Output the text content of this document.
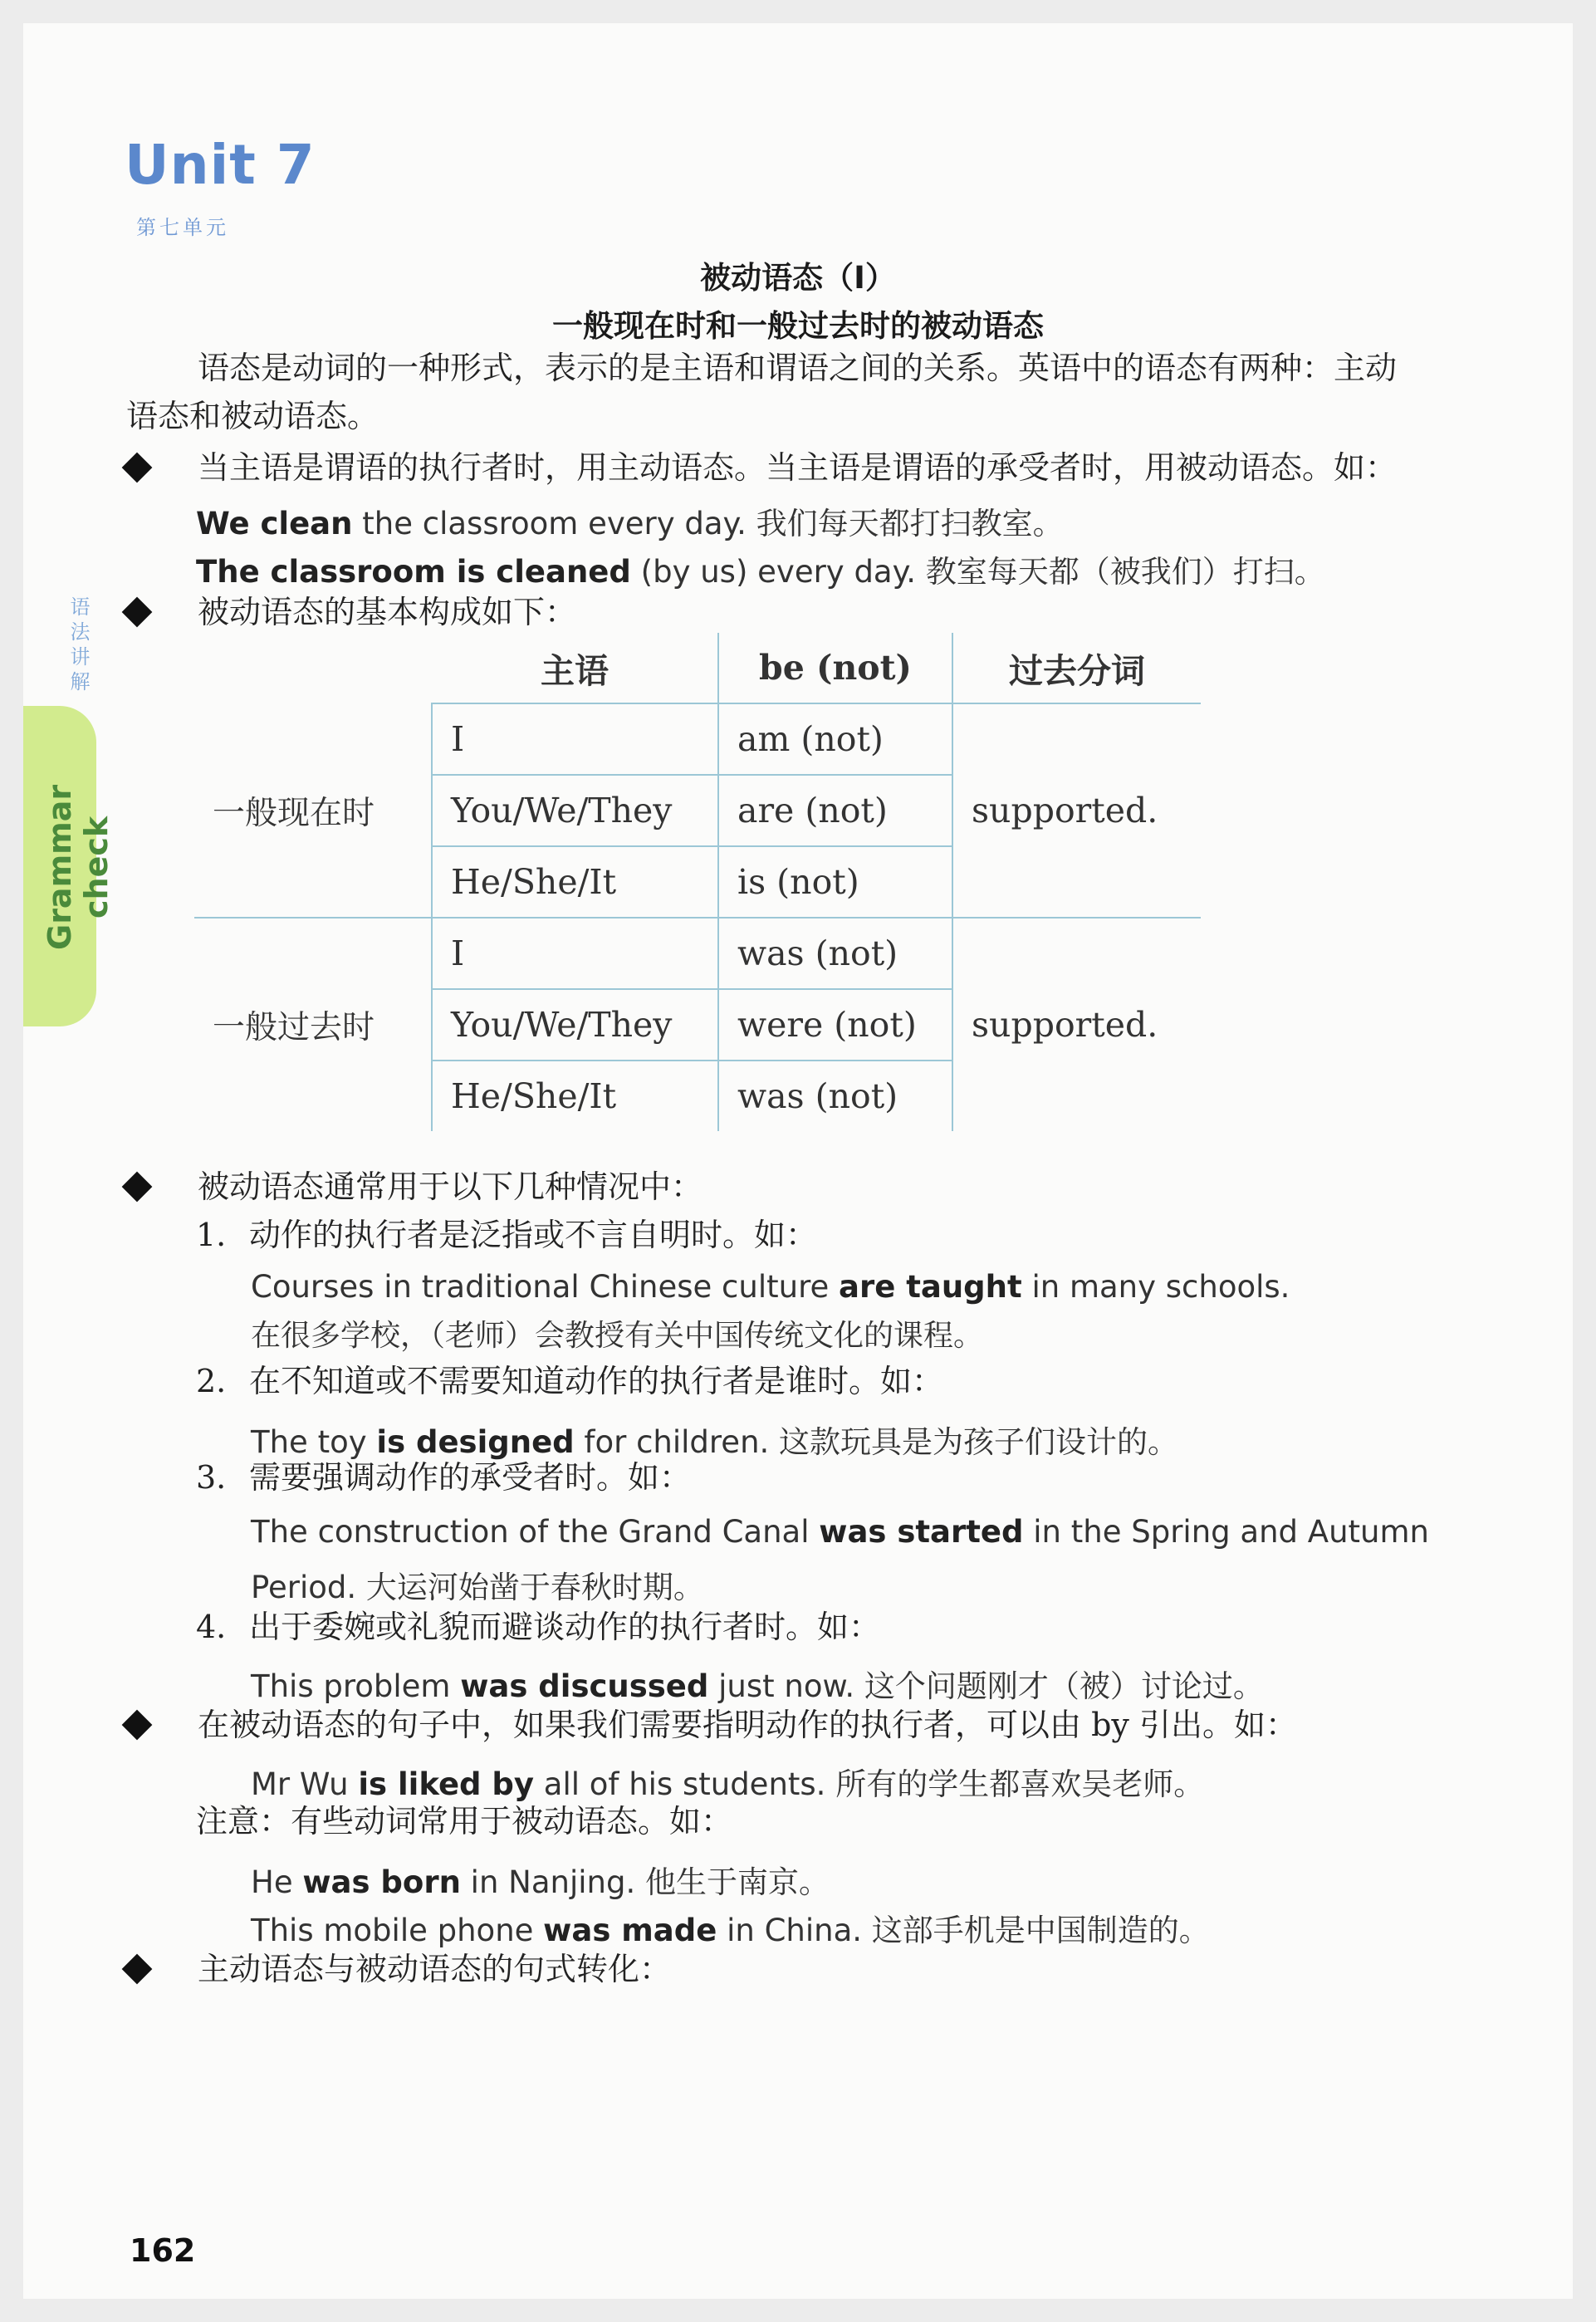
Unit 7
第七单元
语法讲解
Grammar check
被动语态（Ⅰ）
一般现在时和一般过去时的被动语态
语态是动词的一种形式，表示的是主语和谓语之间的关系。英语中的语态有两种：主动
语态和被动语态。
当主语是谓语的执行者时，用主动语态。当主语是谓语的承受者时，用被动语态。如：
We clean the classroom every day. 我们每天都打扫教室。
The classroom is cleaned (by us) every day. 教室每天都（被我们）打扫。
被动语态的基本构成如下：
	主语	be (not)	过去分词
一般现在时	I	am (not)	supported.
	You/We/They	are (not)	
	He/She/It	is (not)	
一般过去时	I	was (not)	supported.
	You/We/They	were (not)	
	He/She/It	was (not)	
被动语态通常用于以下几种情况中：
1. 动作的执行者是泛指或不言自明时。如：
Courses in traditional Chinese culture are taught in many schools.
在很多学校，（老师）会教授有关中国传统文化的课程。
2. 在不知道或不需要知道动作的执行者是谁时。如：
The toy is designed for children. 这款玩具是为孩子们设计的。
3. 需要强调动作的承受者时。如：
The construction of the Grand Canal was started in the Spring and Autumn
Period. 大运河始凿于春秋时期。
4. 出于委婉或礼貌而避谈动作的执行者时。如：
This problem was discussed just now. 这个问题刚才（被）讨论过。
在被动语态的句子中，如果我们需要指明动作的执行者，可以由 by 引出。如：
Mr Wu is liked by all of his students. 所有的学生都喜欢吴老师。
注意：有些动词常用于被动语态。如：
He was born in Nanjing. 他生于南京。
This mobile phone was made in China. 这部手机是中国制造的。
主动语态与被动语态的句式转化：
162
